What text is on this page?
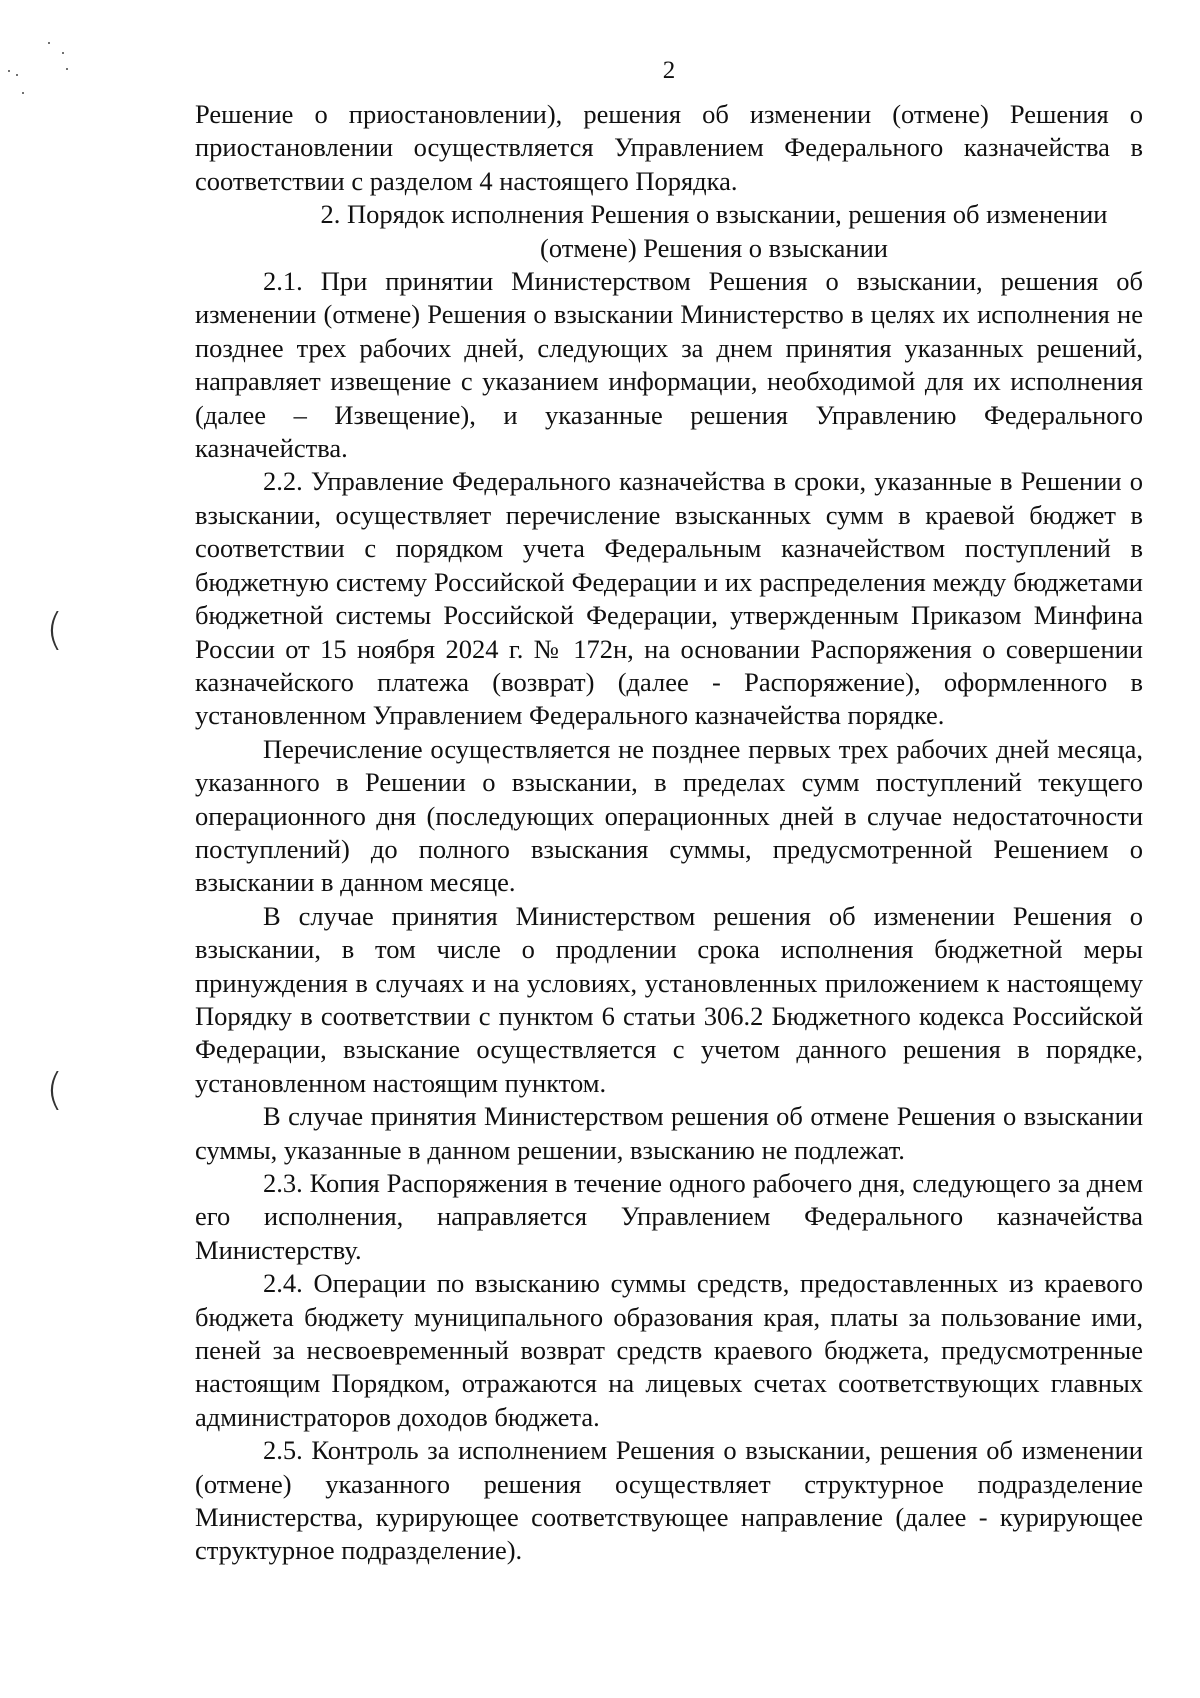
2

Решение о приостановлении), решения об изменении (отмене) Решения о приостановлении осуществляется Управлением Федерального казначейства в соответствии с разделом 4 настоящего Порядка.

2. Порядок исполнения Решения о взыскании, решения об изменении
(отмене) Решения о взыскании

2.1. При принятии Министерством Решения о взыскании, решения об изменении (отмене) Решения о взыскании Министерство в целях их исполнения не позднее трех рабочих дней, следующих за днем принятия указанных решений, направляет извещение с указанием информации, необходимой для их исполнения (далее – Извещение), и указанные решения Управлению Федерального казначейства.

2.2. Управление Федерального казначейства в сроки, указанные в Решении о взыскании, осуществляет перечисление взысканных сумм в краевой бюджет в соответствии с порядком учета Федеральным казначейством поступлений в бюджетную систему Российской Федерации и их распределения между бюджетами бюджетной системы Российской Федерации, утвержденным Приказом Минфина России от 15 ноября 2024 г. № 172н, на основании Распоряжения о совершении казначейского платежа (возврат) (далее - Распоряжение), оформленного в установленном Управлением Федерального казначейства порядке.

Перечисление осуществляется не позднее первых трех рабочих дней месяца, указанного в Решении о взыскании, в пределах сумм поступлений текущего операционного дня (последующих операционных дней в случае недостаточности поступлений) до полного взыскания суммы, предусмотренной Решением о взыскании в данном месяце.

В случае принятия Министерством решения об изменении Решения о взыскании, в том числе о продлении срока исполнения бюджетной меры принуждения в случаях и на условиях, установленных приложением к настоящему Порядку в соответствии с пунктом 6 статьи 306.2 Бюджетного кодекса Российской Федерации, взыскание осуществляется с учетом данного решения в порядке, установленном настоящим пунктом.

В случае принятия Министерством решения об отмене Решения о взыскании суммы, указанные в данном решении, взысканию не подлежат.

2.3. Копия Распоряжения в течение одного рабочего дня, следующего за днем его исполнения, направляется Управлением Федерального казначейства Министерству.

2.4. Операции по взысканию суммы средств, предоставленных из краевого бюджета бюджету муниципального образования края, платы за пользование ими, пеней за несвоевременный возврат средств краевого бюджета, предусмотренные настоящим Порядком, отражаются на лицевых счетах соответствующих главных администраторов доходов бюджета.

2.5. Контроль за исполнением Решения о взыскании, решения об изменении (отмене) указанного решения осуществляет структурное подразделение Министерства, курирующее соответствующее направление (далее - курирующее структурное подразделение).

(
(
